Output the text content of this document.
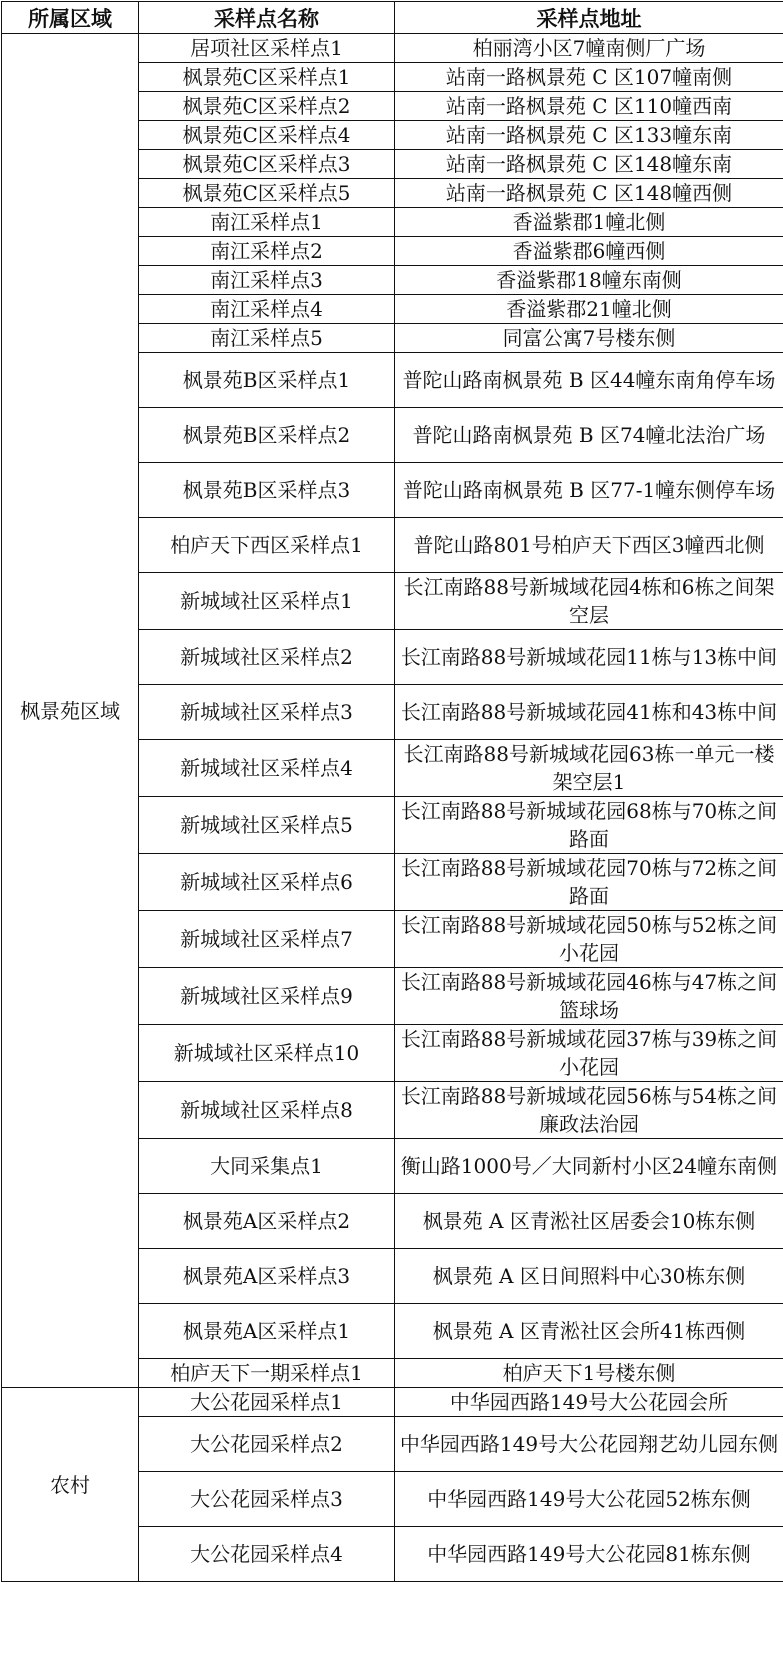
所属区域	采样点名称	采样点地址
枫景苑区域	居项社区采样点1	柏丽湾小区7幢南侧厂广场
	枫景苑C区采样点1	站南一路枫景苑 C 区107幢南侧
	枫景苑C区采样点2	站南一路枫景苑 C 区110幢西南
	枫景苑C区采样点4	站南一路枫景苑 C 区133幢东南
	枫景苑C区采样点3	站南一路枫景苑 C 区148幢东南
	枫景苑C区采样点5	站南一路枫景苑 C 区148幢西侧
	南江采样点1	香溢紫郡1幢北侧
	南江采样点2	香溢紫郡6幢西侧
	南江采样点3	香溢紫郡18幢东南侧
	南江采样点4	香溢紫郡21幢北侧
	南江采样点5	同富公寓7号楼东侧
	枫景苑B区采样点1	普陀山路南枫景苑 B 区44幢东南角停车场
	枫景苑B区采样点2	普陀山路南枫景苑 B 区74幢北法治广场
	枫景苑B区采样点3	普陀山路南枫景苑 B 区77-1幢东侧停车场
	柏庐天下西区采样点1	普陀山路801号柏庐天下西区3幢西北侧
	新城域社区采样点1	长江南路88号新城域花园4栋和6栋之间架空层
	新城域社区采样点2	长江南路88号新城域花园11栋与13栋中间
	新城域社区采样点3	长江南路88号新城域花园41栋和43栋中间
	新城域社区采样点4	长江南路88号新城域花园63栋一单元一楼架空层1
	新城域社区采样点5	长江南路88号新城域花园68栋与70栋之间路面
	新城域社区采样点6	长江南路88号新城域花园70栋与72栋之间路面
	新城域社区采样点7	长江南路88号新城域花园50栋与52栋之间小花园
	新城域社区采样点9	长江南路88号新城域花园46栋与47栋之间篮球场
	新城域社区采样点10	长江南路88号新城域花园37栋与39栋之间小花园
	新城域社区采样点8	长江南路88号新城域花园56栋与54栋之间廉政法治园
	大同采集点1	衡山路1000号／大同新村小区24幢东南侧
	枫景苑A区采样点2	枫景苑 A 区青淞社区居委会10栋东侧
	枫景苑A区采样点3	枫景苑 A 区日间照料中心30栋东侧
	枫景苑A区采样点1	枫景苑 A 区青淞社区会所41栋西侧
	柏庐天下一期采样点1	柏庐天下1号楼东侧
农村	大公花园采样点1	中华园西路149号大公花园会所
	大公花园采样点2	中华园西路149号大公花园翔艺幼儿园东侧
	大公花园采样点3	中华园西路149号大公花园52栋东侧
	大公花园采样点4	中华园西路149号大公花园81栋东侧
